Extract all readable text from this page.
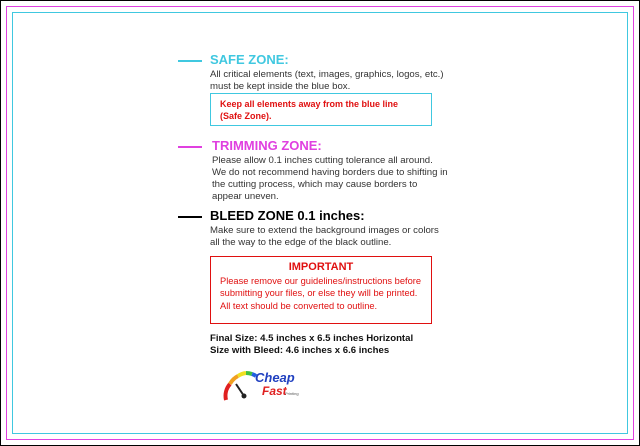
SAFE ZONE:
All critical elements (text, images, graphics, logos, etc.)
must be kept inside the blue box.
Keep all elements away from the blue line
(Safe Zone).
TRIMMING ZONE:
Please allow 0.1 inches cutting tolerance all around.
We do not recommend having borders due to shifting in
the cutting process, which may cause borders to
appear uneven.
BLEED ZONE 0.1 inches:
Make sure to extend the background images or colors
all the way to the edge of the black outline.
IMPORTANT
Please remove our guidelines/instructions before
submitting your files, or else they will be printed.
All text should be converted to outline.
Final Size: 4.5 inches x 6.5 inches Horizontal
Size with Bleed: 4.6 inches x 6.6 inches
Cheap
Fast
Printing
